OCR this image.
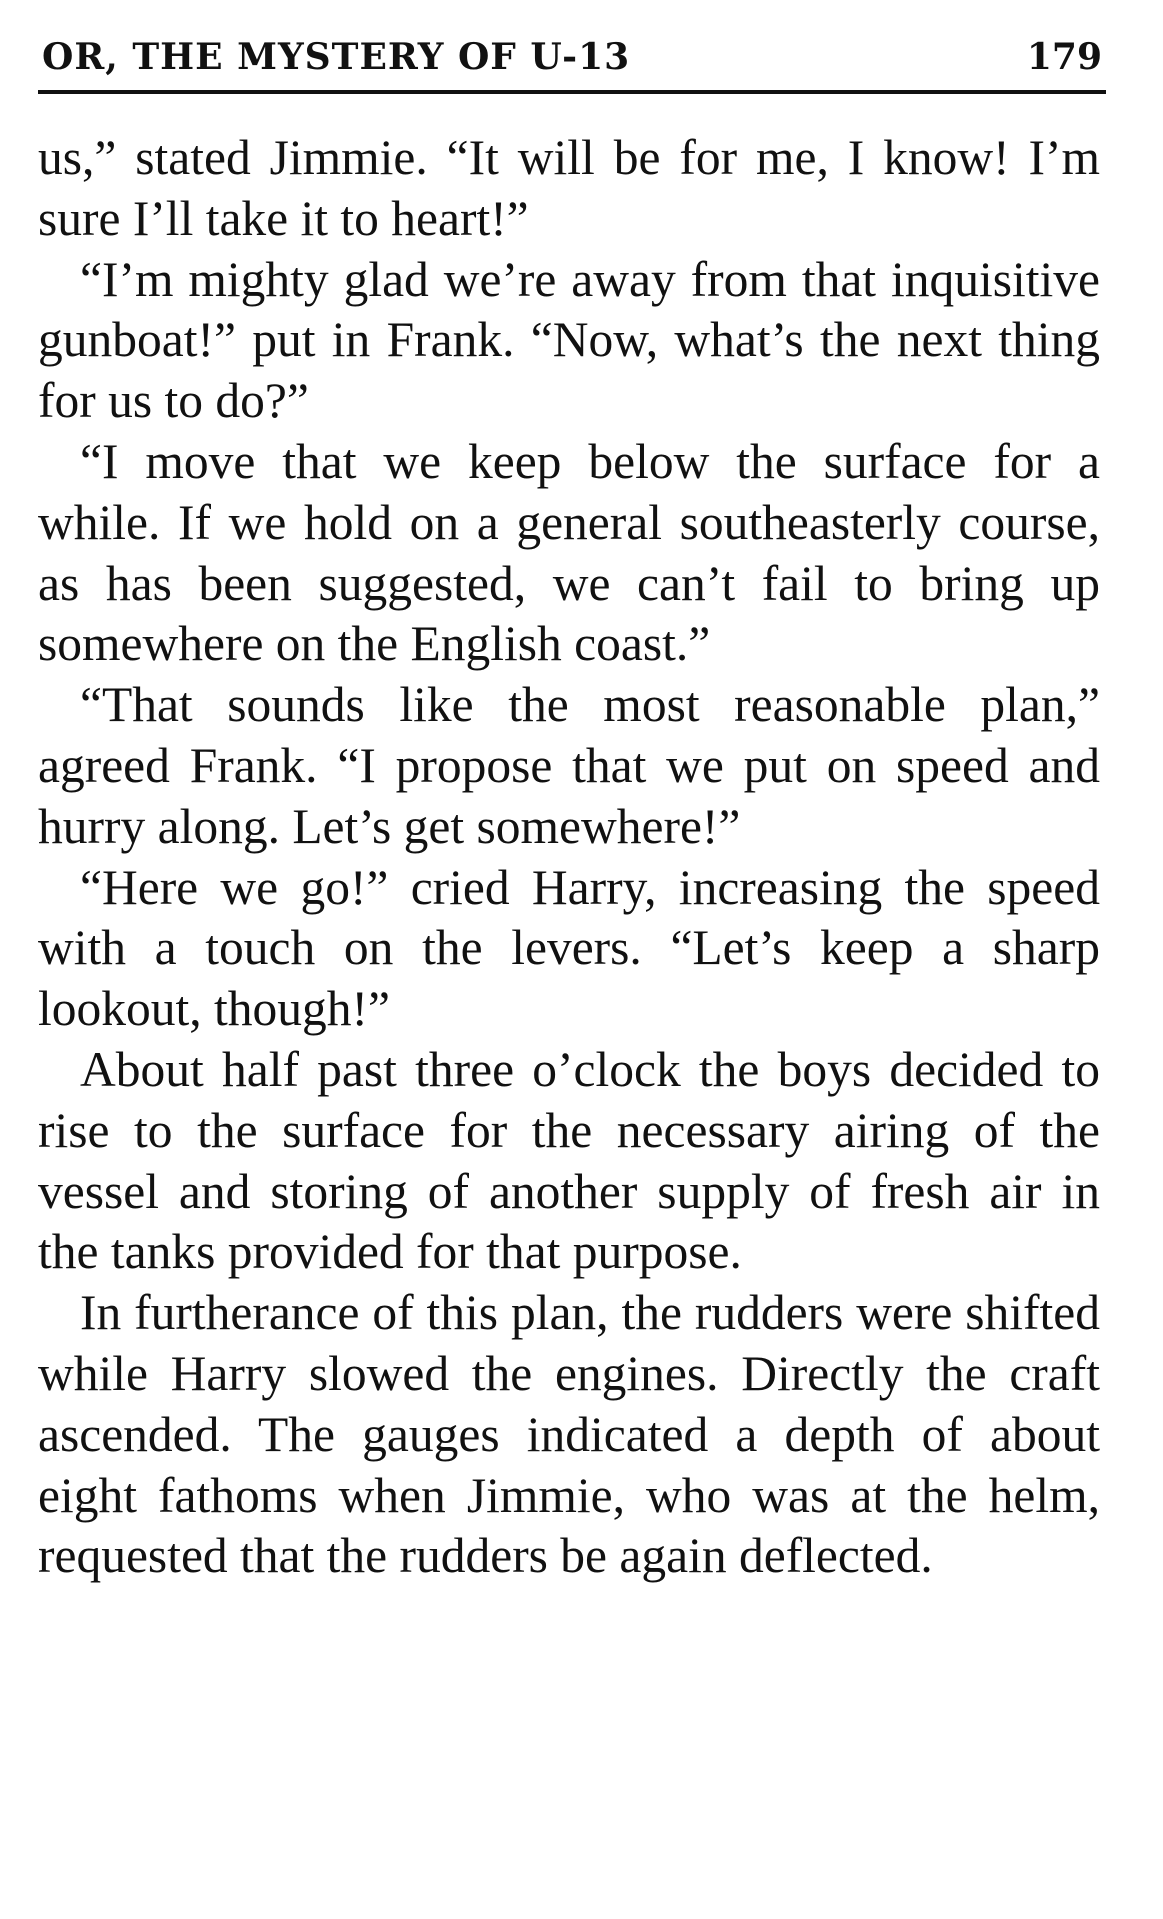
OR, THE MYSTERY OF U-13	179

us,” stated Jimmie. “It will be for me, I know! I’m sure I’ll take it to heart!”

“I’m mighty glad we’re away from that inquisitive gunboat!” put in Frank. “Now, what’s the next thing for us to do?”

“I move that we keep below the surface for a while. If we hold on a general southeasterly course, as has been suggested, we can’t fail to bring up somewhere on the English coast.”

“That sounds like the most reasonable plan,” agreed Frank. “I propose that we put on speed and hurry along. Let’s get somewhere!”

“Here we go!” cried Harry, increasing the speed with a touch on the levers. “Let’s keep a sharp lookout, though!”

About half past three o’clock the boys decided to rise to the surface for the necessary airing of the vessel and storing of another supply of fresh air in the tanks provided for that purpose.

In furtherance of this plan, the rudders were shifted while Harry slowed the engines. Directly the craft ascended. The gauges indicated a depth of about eight fathoms when Jimmie, who was at the helm, requested that the rudders be again deflected.
